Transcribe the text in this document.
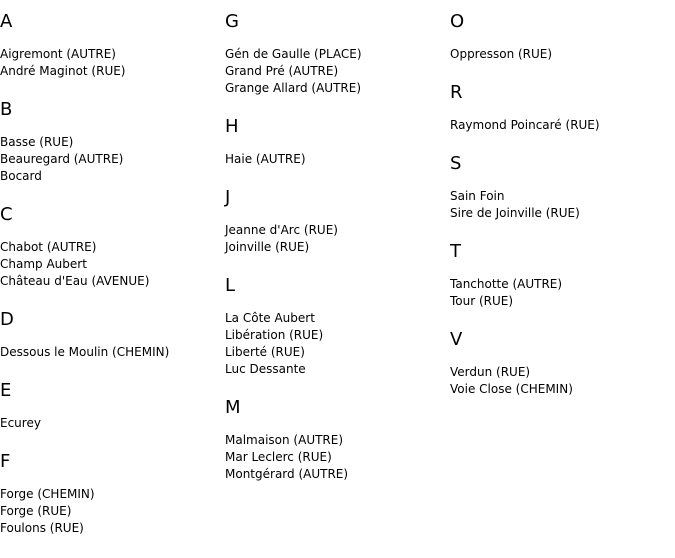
A
Aigremont (AUTRE)
André Maginot (RUE)
B
Basse (RUE)
Beauregard (AUTRE)
Bocard
C
Chabot (AUTRE)
Champ Aubert
Château d'Eau (AVENUE)
D
Dessous le Moulin (CHEMIN)
E
Ecurey
F
Forge (CHEMIN)
Forge (RUE)
Foulons (RUE)
G
Gén de Gaulle (PLACE)
Grand Pré (AUTRE)
Grange Allard (AUTRE)
H
Haie (AUTRE)
J
Jeanne d'Arc (RUE)
Joinville (RUE)
L
La Côte Aubert
Libération (RUE)
Liberté (RUE)
Luc Dessante
M
Malmaison (AUTRE)
Mar Leclerc (RUE)
Montgérard (AUTRE)
O
Oppresson (RUE)
R
Raymond Poincaré (RUE)
S
Sain Foin
Sire de Joinville (RUE)
T
Tanchotte (AUTRE)
Tour (RUE)
V
Verdun (RUE)
Voie Close (CHEMIN)
